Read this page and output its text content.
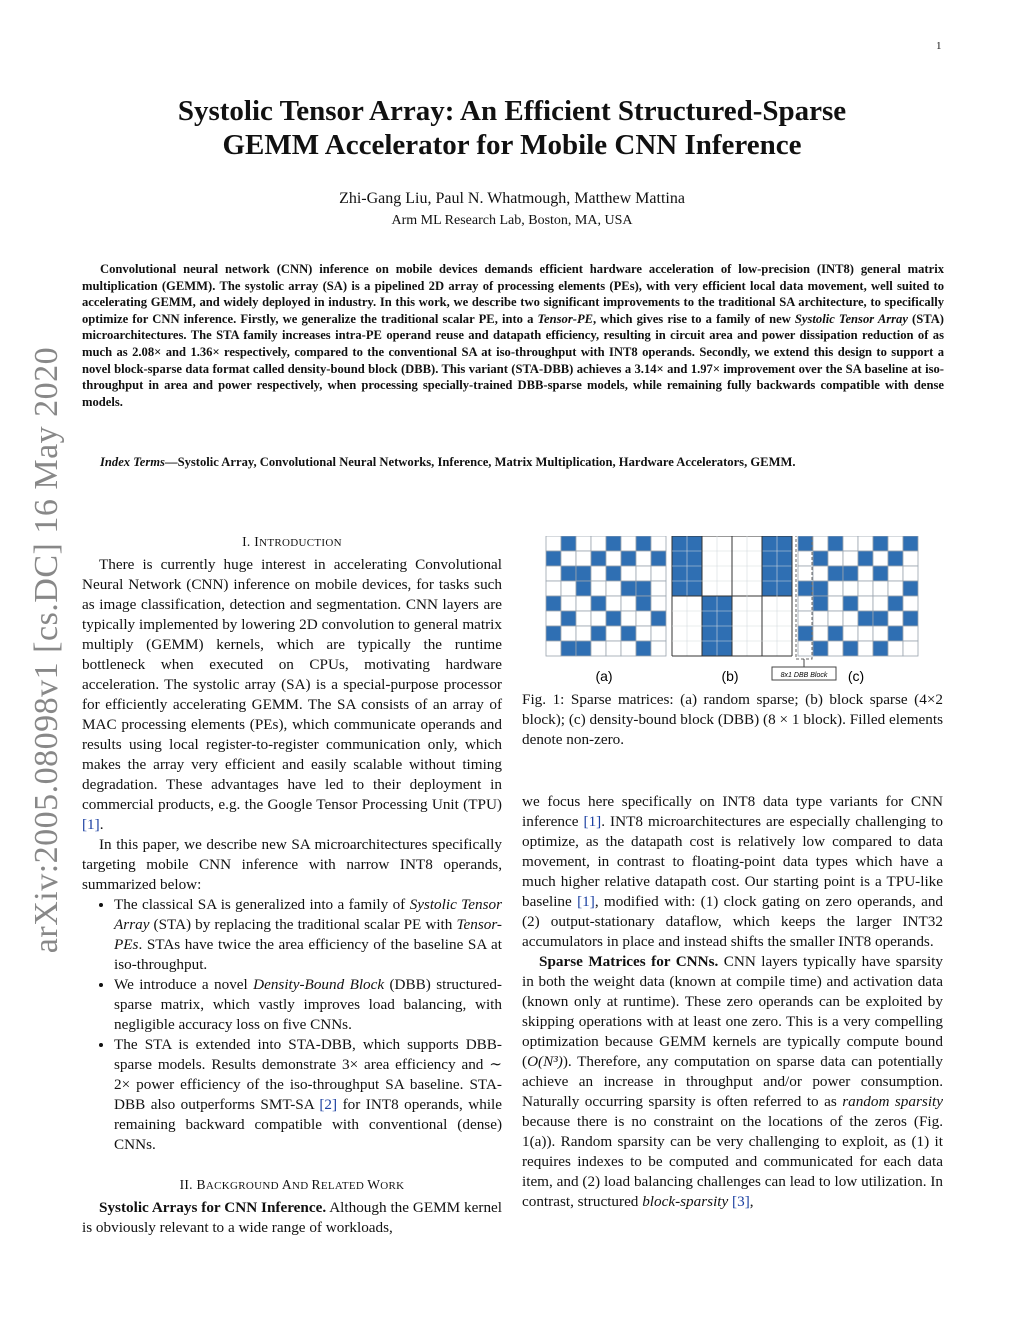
1
arXiv:2005.08098v1 [cs.DC] 16 May 2020
Systolic Tensor Array: An Efficient Structured-Sparse
GEMM Accelerator for Mobile CNN Inference
Zhi-Gang Liu, Paul N. Whatmough, Matthew Mattina
Arm ML Research Lab, Boston, MA, USA

Convolutional neural network (CNN) inference on mobile devices demands efficient hardware acceleration of low-precision (INT8) general matrix multiplication (GEMM). The systolic array (SA) is a pipelined 2D array of processing elements (PEs), with very efficient local data movement, well suited to accelerating GEMM, and widely deployed in industry. In this work, we describe two significant improvements to the traditional SA architecture, to specifically optimize for CNN inference. Firstly, we generalize the traditional scalar PE, into a Tensor-PE, which gives rise to a family of new Systolic Tensor Array (STA) microarchitectures. The STA family increases intra-PE operand reuse and datapath efficiency, resulting in circuit area and power dissipation reduction of as much as 2.08× and 1.36× respectively, compared to the conventional SA at iso-throughput with INT8 operands. Secondly, we extend this design to support a novel block-sparse data format called density-bound block (DBB). This variant (STA-DBB) achieves a 3.14× and 1.97× improvement over the SA baseline at iso-throughput in area and power respectively, when processing specially-trained DBB-sparse models, while remaining fully backwards compatible with dense models.

Index Terms—Systolic Array, Convolutional Neural Networks, Inference, Matrix Multiplication, Hardware Accelerators, GEMM.

I. INTRODUCTION

There is currently huge interest in accelerating Convolutional Neural Network (CNN) inference on mobile devices, for tasks such as image classification, detection and segmentation. CNN layers are typically implemented by lowering 2D convolution to general matrix multiply (GEMM) kernels, which are typically the runtime bottleneck when executed on CPUs, motivating hardware acceleration. The systolic array (SA) is a special-purpose processor for efficiently accelerating GEMM. The SA consists of an array of MAC processing elements (PEs), which communicate operands and results using local register-to-register communication only, which makes the array very efficient and easily scalable without timing degradation. These advantages have led to their deployment in commercial products, e.g. the Google Tensor Processing Unit (TPU) [1].

In this paper, we describe new SA microarchitectures specifically targeting mobile CNN inference with narrow INT8 operands, summarized below:

• The classical SA is generalized into a family of Systolic Tensor Array (STA) by replacing the traditional scalar PE with Tensor-PEs. STAs have twice the area efficiency of the baseline SA at iso-throughput.
• We introduce a novel Density-Bound Block (DBB) structured-sparse matrix, which vastly improves load balancing, with negligible accuracy loss on five CNNs.
• The STA is extended into STA-DBB, which supports DBB-sparse models. Results demonstrate 3× area efficiency and ∼ 2× power efficiency of the iso-throughput SA baseline. STA-DBB also outperforms SMT-SA [2] for INT8 operands, while remaining backward compatible with conventional (dense) CNNs.
II. BACKGROUND AND RELATED WORK

Systolic Arrays for CNN Inference. Although the GEMM kernel is obviously relevant to a wide range of workloads,

8x1 DBB Block
(a)	(b)	(c)

Fig. 1: Sparse matrices: (a) random sparse; (b) block sparse (4×2 block); (c) density-bound block (DBB) (8 × 1 block). Filled elements denote non-zero.

we focus here specifically on INT8 data type variants for CNN inference [1]. INT8 microarchitectures are especially challenging to optimize, as the datapath cost is relatively low compared to data movement, in contrast to floating-point data types which have a much higher relative datapath cost. Our starting point is a TPU-like baseline [1], modified with: (1) clock gating on zero operands, and (2) output-stationary dataflow, which keeps the larger INT32 accumulators in place and instead shifts the smaller INT8 operands.

Sparse Matrices for CNNs. CNN layers typically have sparsity in both the weight data (known at compile time) and activation data (known only at runtime). These zero operands can be exploited by skipping operations with at least one zero. This is a very compelling optimization because GEMM kernels are typically compute bound (O(N³)). Therefore, any computation on sparse data can potentially achieve an increase in throughput and/or power consumption. Naturally occurring sparsity is often referred to as random sparsity because there is no constraint on the locations of the zeros (Fig. 1(a)). Random sparsity can be very challenging to exploit, as (1) it requires indexes to be computed and communicated for each data item, and (2) load balancing challenges can lead to low utilization. In contrast, structured block-sparsity [3],
